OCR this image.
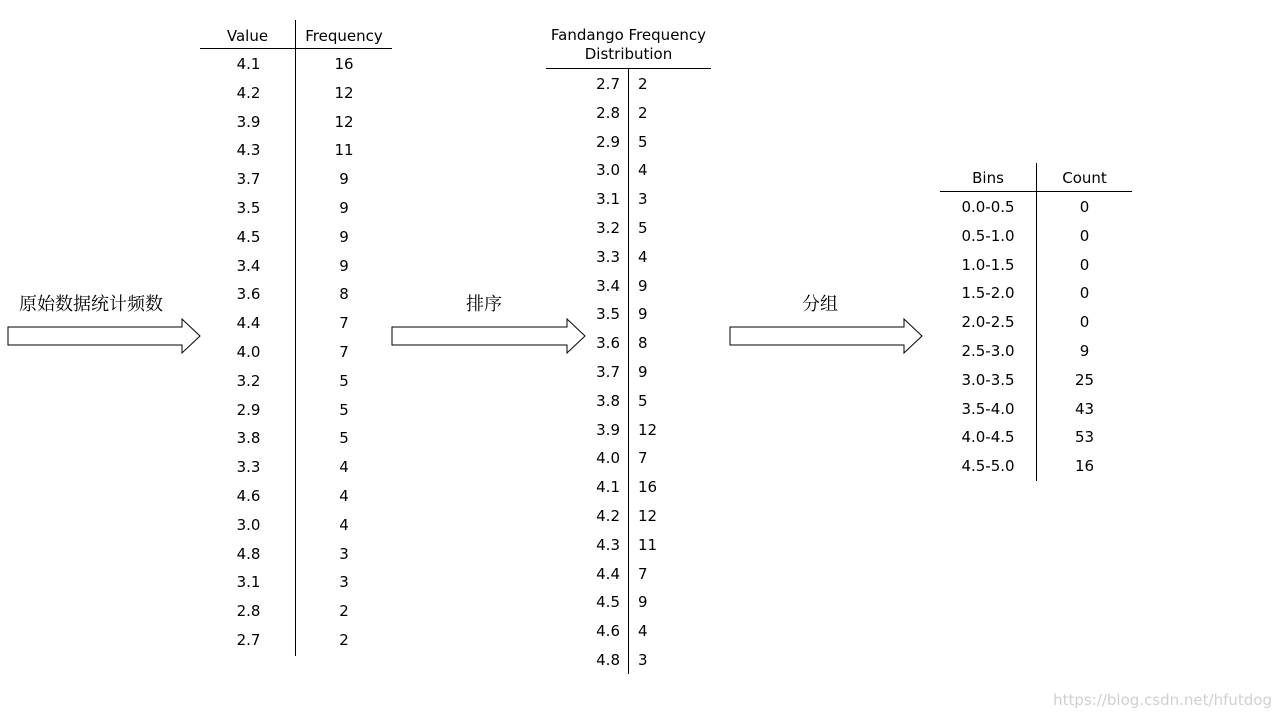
Value	Frequency
4.1	16
4.2	12
3.9	12
4.3	11
3.7	9
3.5	9
4.5	9
3.4	9
3.6	8
4.4	7
4.0	7
3.2	5
2.9	5
3.8	5
3.3	4
4.6	4
3.0	4
4.8	3
3.1	3
2.8	2
2.7	2
原始数据统计频数	排序
Fandango Frequency
Distribution
2.7 2
2.8 2
2.9 5
3.0 4
3.1 3
3.2 5
3.3 4
3.4 9
3.5 9
3.6 8
3.7 9
3.8 5
3.9 12
4.0 7
4.1 16
4.2 12
4.3 11
4.4 7
4.5 9
4.6 4
4.8 3
分组
Bins	Count
0.0-0.5	0
0.5-1.0	0
1.0-1.5	0
1.5-2.0	0
2.0-2.5	0
2.5-3.0	9
3.0-3.5	25
3.5-4.0	43
4.0-4.5	53
4.5-5.0	16
https://blog.csdn.net/hfutdog
